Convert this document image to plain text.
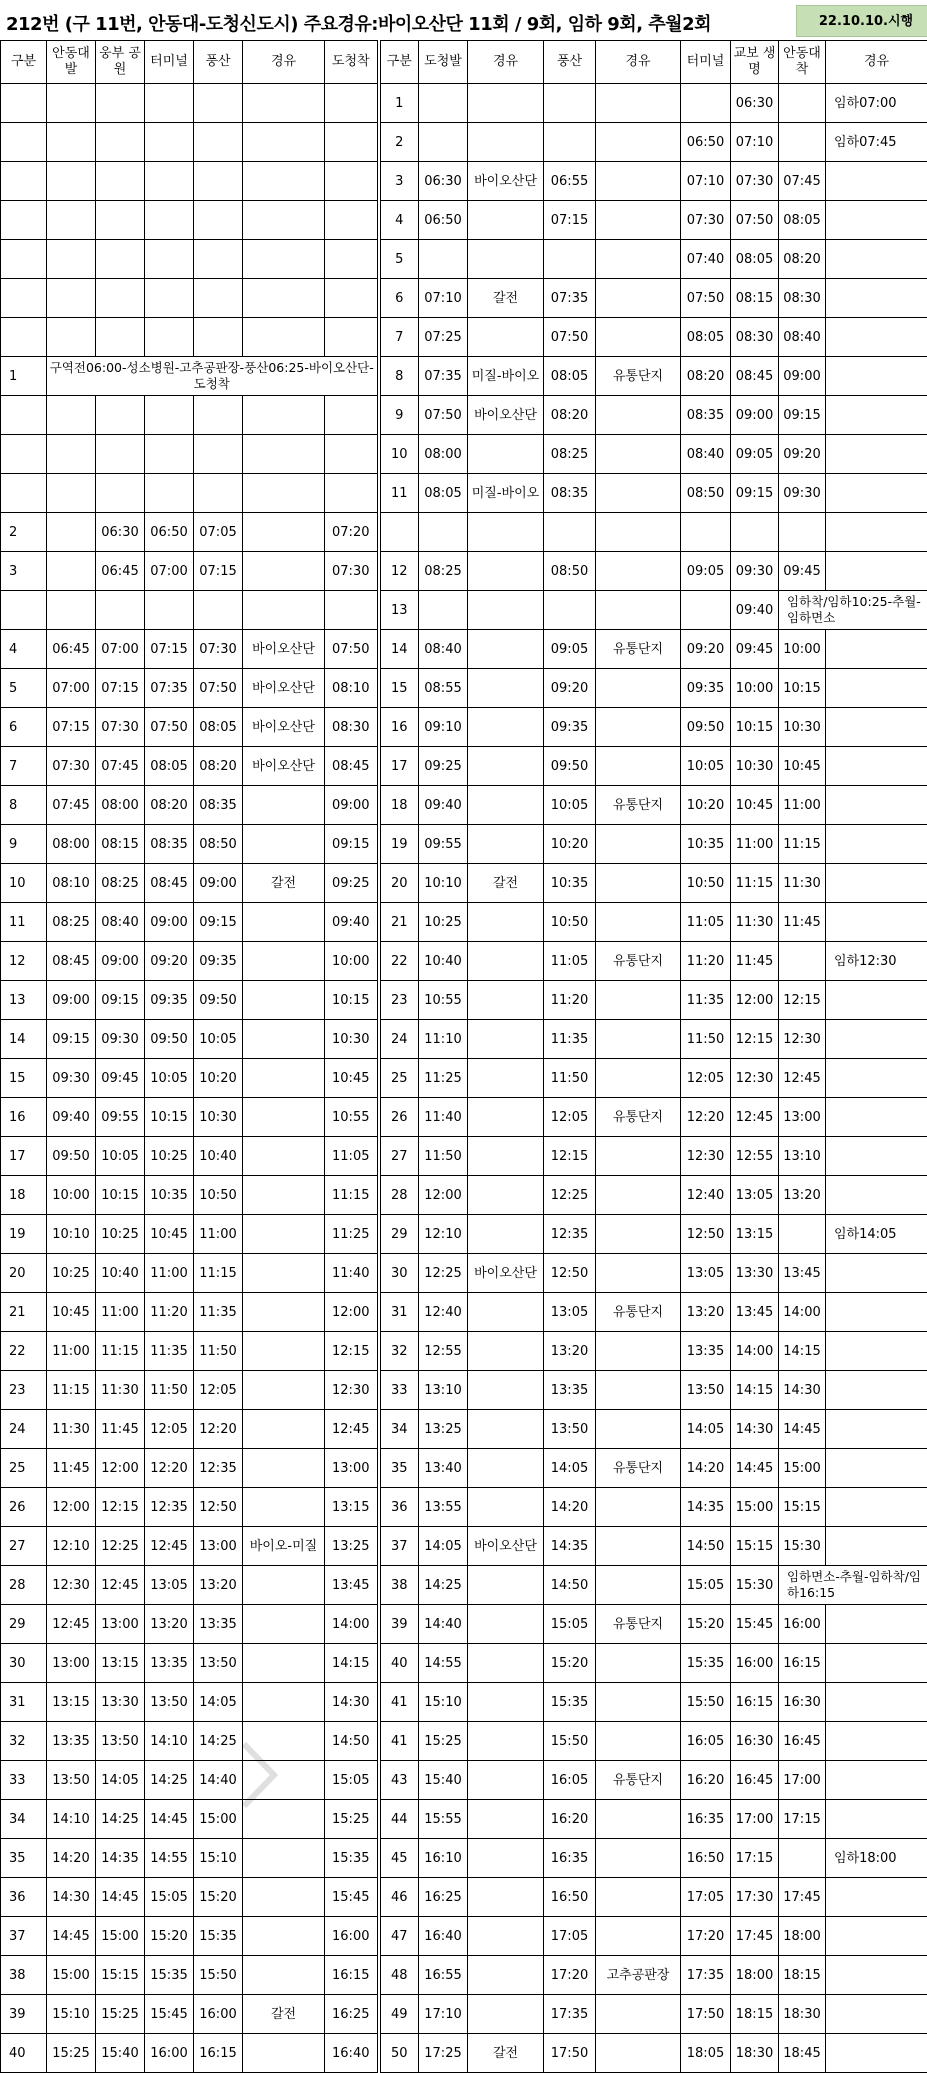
212번 (구 11번, 안동대-도청신도시) 주요경유:바이오산단 11회 / 9회, 임하 9회, 추월2회	22.10.10.시행
구분	안동대 발	웅부 공원	터미널	풍산	경유	도청착	구분	도청발	경유	풍산	경유	터미널	교보 생명	안동대 착	경유
							1						06:30		임하07:00
							2					06:50	07:10		임하07:45
							3	06:30	바이오산단	06:55		07:10	07:30	07:45	
							4	06:50		07:15		07:30	07:50	08:05	
							5					07:40	08:05	08:20	
							6	07:10	갈전	07:35		07:50	08:15	08:30	
							7	07:25		07:50		08:05	08:30	08:40	
1	구역전06:00-성소병원-고추공판장-풍산06:25-바이오산단-도청착						8	07:35	미질-바이오	08:05	유통단지	08:20	08:45	09:00	
							9	07:50	바이오산단	08:20		08:35	09:00	09:15	
							10	08:00		08:25		08:40	09:05	09:20	
							11	08:05	미질-바이오	08:35		08:50	09:15	09:30	
2		06:30	06:50	07:05		07:20									
3		06:45	07:00	07:15		07:30	12	08:25		08:50		09:05	09:30	09:45	
							13						09:40	임하착/임하10:25-추월-임하면소	
4	06:45	07:00	07:15	07:30	바이오산단	07:50	14	08:40		09:05	유통단지	09:20	09:45	10:00	
5	07:00	07:15	07:35	07:50	바이오산단	08:10	15	08:55		09:20		09:35	10:00	10:15	
6	07:15	07:30	07:50	08:05	바이오산단	08:30	16	09:10		09:35		09:50	10:15	10:30	
7	07:30	07:45	08:05	08:20	바이오산단	08:45	17	09:25		09:50		10:05	10:30	10:45	
8	07:45	08:00	08:20	08:35		09:00	18	09:40		10:05	유통단지	10:20	10:45	11:00	
9	08:00	08:15	08:35	08:50		09:15	19	09:55		10:20		10:35	11:00	11:15	
10	08:10	08:25	08:45	09:00	갈전	09:25	20	10:10	갈전	10:35		10:50	11:15	11:30	
11	08:25	08:40	09:00	09:15		09:40	21	10:25		10:50		11:05	11:30	11:45	
12	08:45	09:00	09:20	09:35		10:00	22	10:40		11:05	유통단지	11:20	11:45		임하12:30
13	09:00	09:15	09:35	09:50		10:15	23	10:55		11:20		11:35	12:00	12:15	
14	09:15	09:30	09:50	10:05		10:30	24	11:10		11:35		11:50	12:15	12:30	
15	09:30	09:45	10:05	10:20		10:45	25	11:25		11:50		12:05	12:30	12:45	
16	09:40	09:55	10:15	10:30		10:55	26	11:40		12:05	유통단지	12:20	12:45	13:00	
17	09:50	10:05	10:25	10:40		11:05	27	11:50		12:15		12:30	12:55	13:10	
18	10:00	10:15	10:35	10:50		11:15	28	12:00		12:25		12:40	13:05	13:20	
19	10:10	10:25	10:45	11:00		11:25	29	12:10		12:35		12:50	13:15		임하14:05
20	10:25	10:40	11:00	11:15		11:40	30	12:25	바이오산단	12:50		13:05	13:30	13:45	
21	10:45	11:00	11:20	11:35		12:00	31	12:40		13:05	유통단지	13:20	13:45	14:00	
22	11:00	11:15	11:35	11:50		12:15	32	12:55		13:20		13:35	14:00	14:15	
23	11:15	11:30	11:50	12:05		12:30	33	13:10		13:35		13:50	14:15	14:30	
24	11:30	11:45	12:05	12:20		12:45	34	13:25		13:50		14:05	14:30	14:45	
25	11:45	12:00	12:20	12:35		13:00	35	13:40		14:05	유통단지	14:20	14:45	15:00	
26	12:00	12:15	12:35	12:50		13:15	36	13:55		14:20		14:35	15:00	15:15	
27	12:10	12:25	12:45	13:00	바이오-미질	13:25	37	14:05	바이오산단	14:35		14:50	15:15	15:30	
28	12:30	12:45	13:05	13:20		13:45	38	14:25		14:50		15:05	15:30	임하면소-추월-임하착/임하16:15	
29	12:45	13:00	13:20	13:35		14:00	39	14:40		15:05	유통단지	15:20	15:45	16:00	
30	13:00	13:15	13:35	13:50		14:15	40	14:55		15:20		15:35	16:00	16:15	
31	13:15	13:30	13:50	14:05		14:30	41	15:10		15:35		15:50	16:15	16:30	
32	13:35	13:50	14:10	14:25		14:50	41	15:25		15:50		16:05	16:30	16:45	
33	13:50	14:05	14:25	14:40		15:05	43	15:40		16:05	유통단지	16:20	16:45	17:00	
34	14:10	14:25	14:45	15:00		15:25	44	15:55		16:20		16:35	17:00	17:15	
35	14:20	14:35	14:55	15:10		15:35	45	16:10		16:35		16:50	17:15		임하18:00
36	14:30	14:45	15:05	15:20		15:45	46	16:25		16:50		17:05	17:30	17:45	
37	14:45	15:00	15:20	15:35		16:00	47	16:40		17:05		17:20	17:45	18:00	
38	15:00	15:15	15:35	15:50		16:15	48	16:55		17:20	고추공판장	17:35	18:00	18:15	
39	15:10	15:25	15:45	16:00	갈전	16:25	49	17:10		17:35		17:50	18:15	18:30	
40	15:25	15:40	16:00	16:15		16:40	50	17:25	갈전	17:50		18:05	18:30	18:45	
